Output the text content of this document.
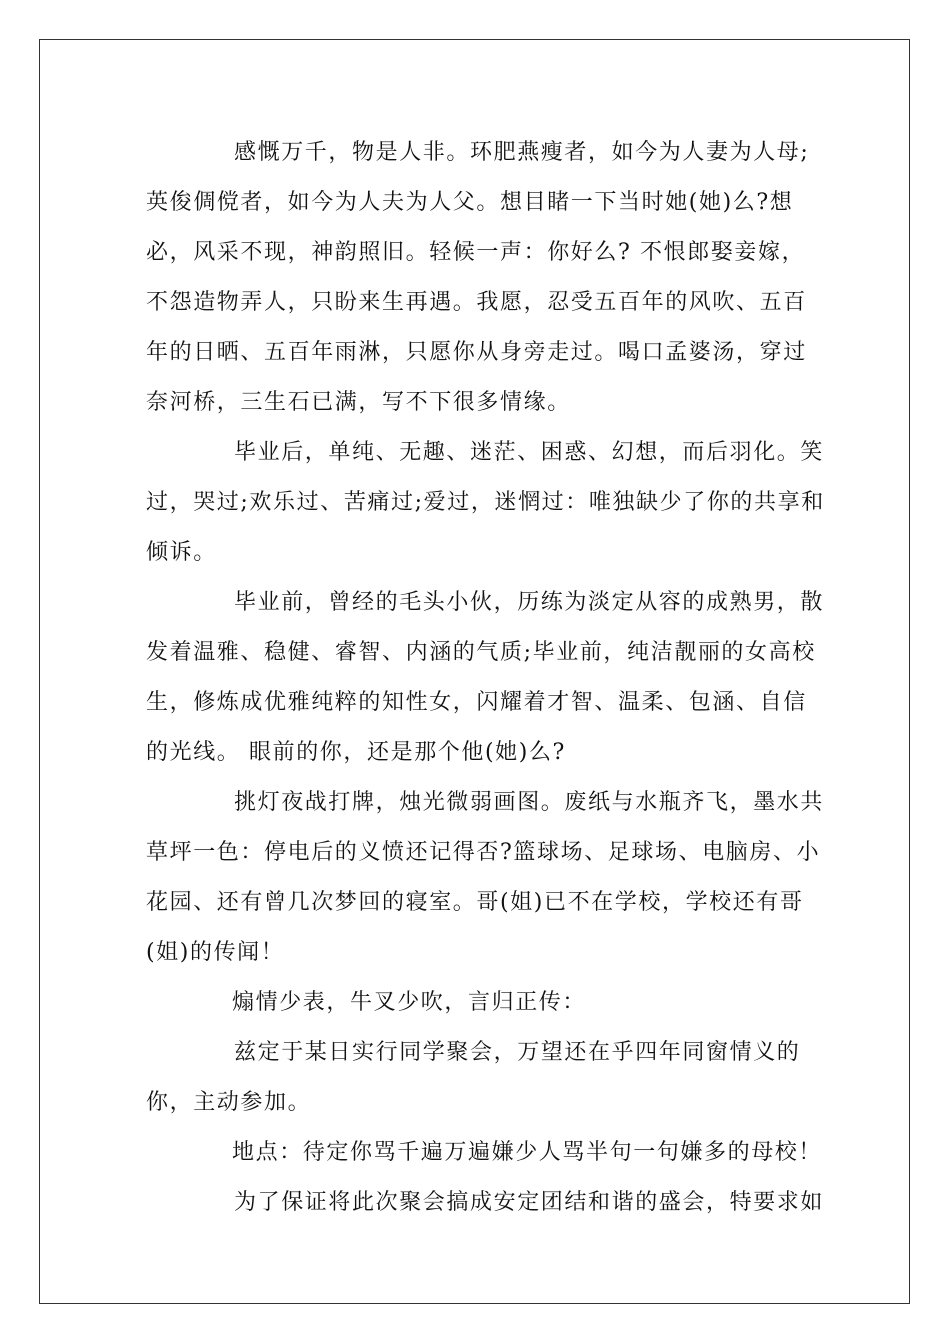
感慨万千，物是人非。环肥燕瘦者，如今为人妻为人母;英俊倜傥者，如今为人夫为人父。想目睹一下当时她(她)么?想必，风采不现，神韵照旧。轻候一声：你好么? 不恨郎娶妾嫁，不怨造物弄人，只盼来生再遇。我愿，忍受五百年的风吹、五百年的日晒、五百年雨淋，只愿你从身旁走过。喝口孟婆汤，穿过奈河桥，三生石已满，写不下很多情缘。

毕业后，单纯、无趣、迷茫、困惑、幻想，而后羽化。笑过，哭过;欢乐过、苦痛过;爱过，迷惘过：唯独缺少了你的共享和倾诉。

毕业前，曾经的毛头小伙，历练为淡定从容的成熟男，散发着温雅、稳健、睿智、内涵的气质;毕业前，纯洁靓丽的女高校生，修炼成优雅纯粹的知性女，闪耀着才智、温柔、包涵、自信的光线。 眼前的你，还是那个他(她)么?

挑灯夜战打牌，烛光微弱画图。废纸与水瓶齐飞，墨水共草坪一色：停电后的义愤还记得否?篮球场、足球场、电脑房、小花园、还有曾几次梦回的寝室。哥(姐)已不在学校，学校还有哥(姐)的传闻！

煽情少表，牛叉少吹，言归正传：

兹定于某日实行同学聚会，万望还在乎四年同窗情义的你，主动参加。

地点：待定你骂千遍万遍嫌少人骂半句一句嫌多的母校！

为了保证将此次聚会搞成安定团结和谐的盛会，特要求如
